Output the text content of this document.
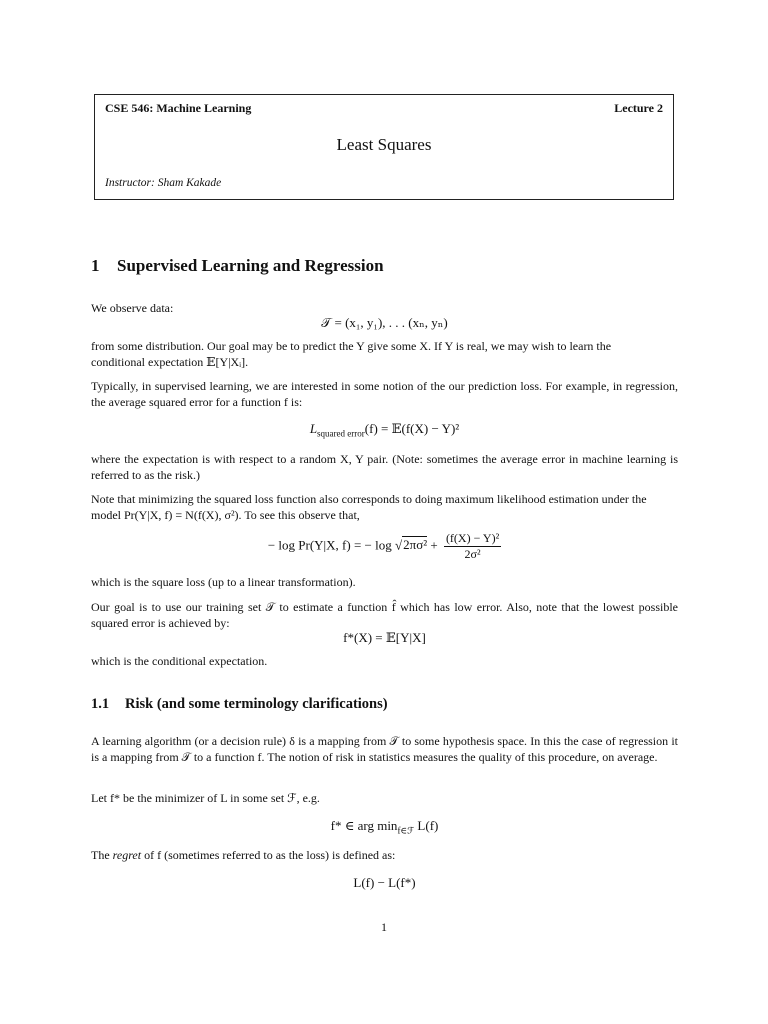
CSE 546: Machine Learning	Lecture 2
Least Squares
Instructor: Sham Kakade
1 Supervised Learning and Regression

We observe data:

𝒯 = (x₁, y₁), . . . (xₙ, yₙ)

from some distribution. Our goal may be to predict the Y give some X. If Y is real, we may wish to learn the
conditional expectation 𝔼[Y|Xᵢ].

Typically, in supervised learning, we are interested in some notion of the our prediction loss. For example, in regression, the average squared error for a function f is:

$L_{squared error}(f)$ = 𝔼(f(X) − Y)²

where the expectation is with respect to a random X, Y pair. (Note: sometimes the average error in machine learning is referred to as the risk.)

Note that minimizing the squared loss function also corresponds to doing maximum likelihood estimation under the
model Pr(Y|X, f) = N(f(X), σ²). To see this observe that,

− log Pr(Y|X, f) = − $\log √2\pi\sigma^2 + \frac{\text{(f(X) − Y)²}}{\text{2σ²}}$

which is the square loss (up to a linear transformation).

Our goal is to use our training set 𝒯 to estimate a function f̂ which has low error. Also, note that the lowest possible squared error is achieved by:

f*(X) = 𝔼[Y|X]

which is the conditional expectation.

1.1 Risk (and some terminology clarifications)

A learning algorithm (or a decision rule) δ is a mapping from 𝒯 to some hypothesis space. In this the case of regression it is a mapping from 𝒯 to a function f. The notion of risk in statistics measures the quality of this procedure, on average.

Let f* be the minimizer of L in some set ℱ, e.g.

f* ∈ arg $\min_{f\in ℱ} L(f)$

The regret of f (sometimes referred to as the loss) is defined as:

L(f) − L(f*)
1
